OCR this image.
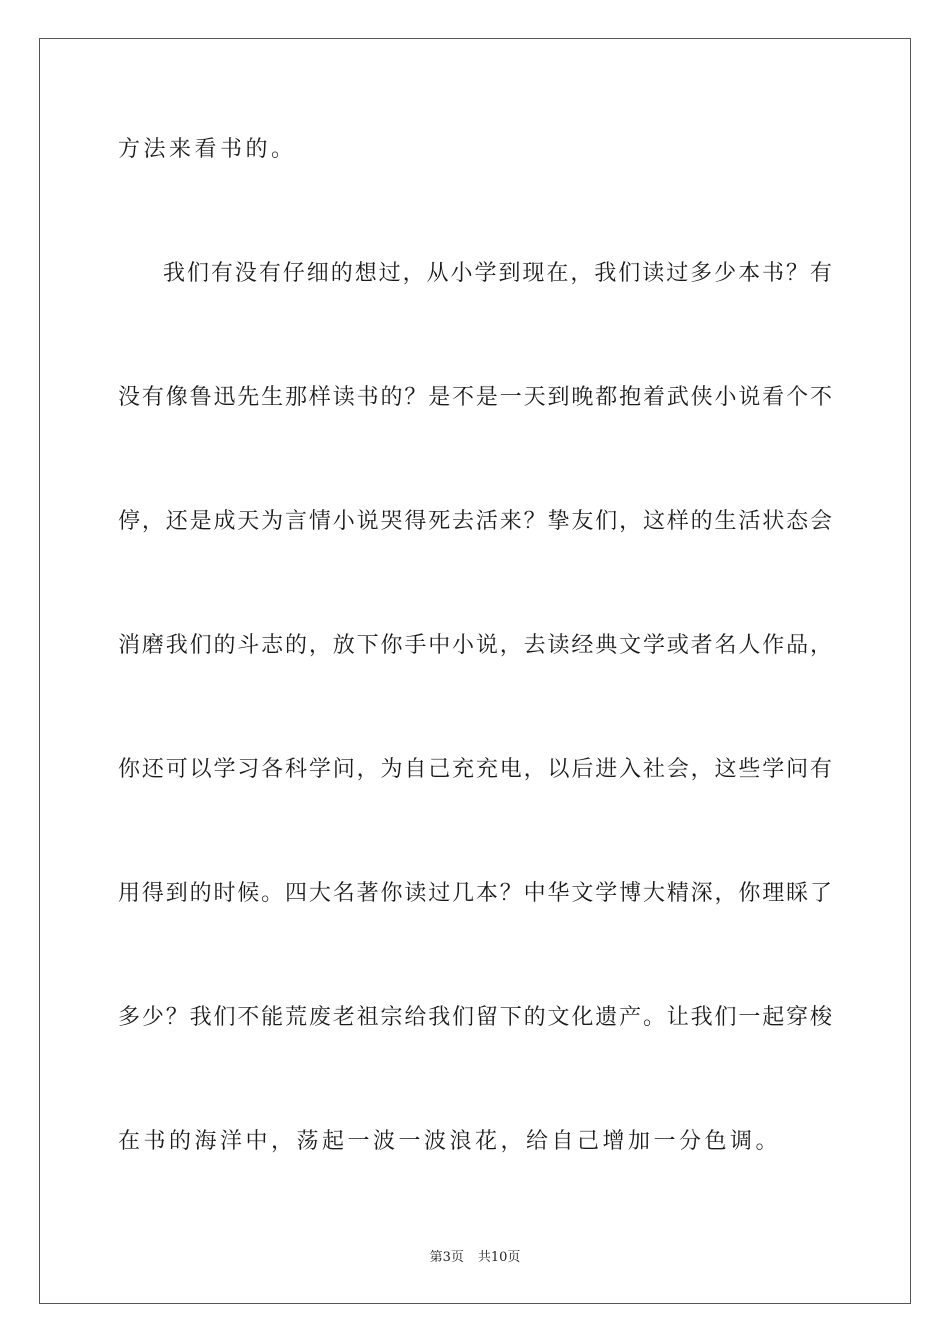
方法来看书的。
我们有没有仔细的想过，从小学到现在，我们读过多少本书？有
没有像鲁迅先生那样读书的？是不是一天到晚都抱着武侠小说看个不
停，还是成天为言情小说哭得死去活来？挚友们，这样的生活状态会
消磨我们的斗志的，放下你手中小说，去读经典文学或者名人作品，
你还可以学习各科学问，为自己充充电，以后进入社会，这些学问有
用得到的时候。四大名著你读过几本？中华文学博大精深，你理睬了
多少？我们不能荒废老祖宗给我们留下的文化遗产。让我们一起穿梭
在书的海洋中，荡起一波一波浪花，给自己增加一分色调。
第3页 共10页
